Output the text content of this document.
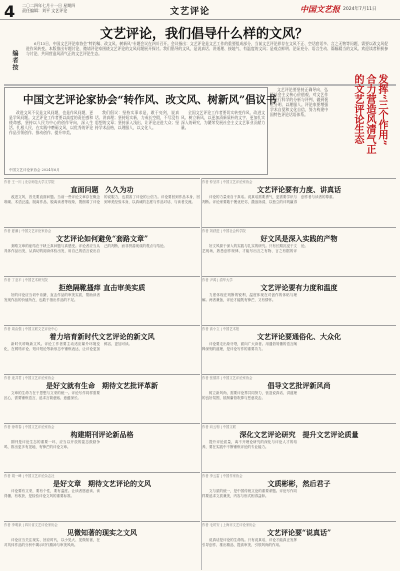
4 二〇二四年七月十一日 星期四
责任编辑：刘平 文艺评论	文艺评论	中国文艺报 2024年7月11日
编者按
文艺评论，我们倡导什么样的文风？
6月13日，中国文艺评论家协会“特约稿、改文风、树新风”专题会议在四川召开。会议指出：文艺评论是文艺工作的重要组成部分，当前文艺评论界存在文风不正、空话套话多、言之无物等问题，需要以改文风促进作风转变。本版推出专题讨论，邀请评论家围绕文艺评论的文风问题展开探讨。我们倡导的文风，是说真话、讲道理、接地气、有温度的文风；是观点鲜明、论证充分、语言生动、篇幅精当的文风。欢迎读者积极参与讨论，共同营造风清气正的文艺评论生态。
中国文艺评论家协会“转作风、改文风、树新风”倡议书
改进文风不仅是文风问题，也是作风问题，更是学风问题。文艺评论工作者要以高度的责任感和使命感，坚持以人民为中心的创作导向，深入生活、扎根人民，在实践中磨砺文风，以优秀的评论作品引领创作、推动创作、提升审美。
我们倡议：坚持实事求是，敢于亮剑，说真话、讲真理；坚持短实新，力戒长空假，不写没有思想的文章；坚持深入浅出，让评论走进大众；坚持学术品格，以理服人，以文化人。
全国文艺评论工作者要切实转变作风、改进文风、树立新风，以更加清新质朴的文字、更加扎实深入的研究，为繁荣发展社会主义文艺事业贡献力量。
中国文艺评论家协会 2024年6月
文艺评论要坚持正确导向，弘扬社会主义核心价值观，对文艺作品进行科学的分析与评判，做到褒贬分明、以理服人。评论家要增强学术自觉和文化自信，努力构建中国特色评论话语体系。	发挥“三个作用”
合力营造风清气正
的文艺评论生态
作者 王一川 | 北京师范大学文学院
直面问题　久久为功
改进文风，首先要直面问题。当前一些评论文章存在概念堆砌、术语泛滥、脱离作品、脱离读者等现象，既削弱了评论的说服力，也损害了评论的公信力。评论要回到作品本身，回到审美经验本身，以真诚的态度与作品对话、与读者交流。
作者 夏潮 | 中国文艺评论家协会
文艺评论如何避免“套路文章”
套路文章的症结在于缺乏真问题与真感受。评论者应当从具体作品出发，从真切的阅读体验出发，用自己的语言说出自己的判断，而非拼凑现成的观点与结论。
作者 丁亚平 | 中国艺术研究院
拒绝隔靴搔痒 直击审美实质
好的评论应当切中肯綮，直击作品的审美实质，帮助读者发现作品的价值所在，也敢于指出作品的不足。
作者 周由强 | 中国文联文艺评论中心
着力培育新时代文艺评论的新文风
新时代呼唤新文风。评论工作者要主动适应媒介环境变化，在网络评论、短评短论等新形态中锤炼表达，让评论更加鲜活、更加可读。
作者 庞井君 | 中国文艺评论家协会
是好文就有生命　期待文艺批评革新
文章的生命力在于思想与文采的统一。评论写作同样需要匠心，需要锤炼语言，追求言简意赅、意蕴深长。
作者 徐粤春 | 中国文艺评论家协会
构建期刊评论新品格
期刊是评论生态的重要一环，应当以开放的姿态鼓励争鸣，推出更多有见地、有锋芒的评论文章。
作者 胡一峰 | 中国文艺评论杂志社
是好文章　期待文艺评论的文风
评论要有文采，要有个性，要有温度。让读者愿意读、读得懂、有收获，是检验评论文风的重要标准。
作者 李明泉 | 四川省文艺评论家协会
见微知著的现实之文风
评论应当关注现实、回应时代，以小见大、见微知著，在对具体作品的分析中揭示时代精神与审美风尚。
作者 仲呈祥 | 中国文艺评论家协会
文艺评论要有力度、讲真话
评论的力量来自于真话。说真话需要勇气，更需要学识与判断。评论家要敢于褒优贬劣，激浊扬清，以独立的评判赢得创作者与读者的尊重。
作者 刘跃进 | 中国社会科学院
好文风是深入实践的产物
好文风源于深入的实践与扎实的研究。只有长期沉浸于文艺现场，熟悉创作规律，才能写出言之有物、言之有据的评论。
作者 尹鸿 | 清华大学
文艺评论要有力度和温度
力度体现在判断的锐利，温度体现在对创作的体贴与理解。两者兼备，评论才能既有锋芒，又有情怀。
作者 高小立 | 中国艺术报
文艺评论要通俗化、大众化
评论要走出象牙塔，面向广大读者。用通俗易懂的语言阐释深刻的道理，是评论写作的重要功力。
作者 张德祥 | 中国文艺评论家协会
倡导文艺批评新风尚
树立新风尚，需要评论界共同努力，营造说真话、讲道理的良好氛围，抵制庸俗吹捧与恶意攻击。
作者 向云驹 | 中国文联
深化文艺评论研究　提升文艺评论质量
提升评论质量，离不开理论研究的深化与评论人才的培养，要在实践中不断锤炼评论的专业能力。
作者 李云雷 | 中国作家协会
文质彬彬，然后君子
文与质的统一，是中国传统文论的重要命题。评论写作同样要追求文质兼美，内容与形式相得益彰。
作者 毛时安 | 上海市文艺评论家协会
文艺评论要“说真话”
说真话是评论的生命线。只有说真话，评论才能真正发挥引导创作、推出精品、提高审美、引领风尚的作用。
